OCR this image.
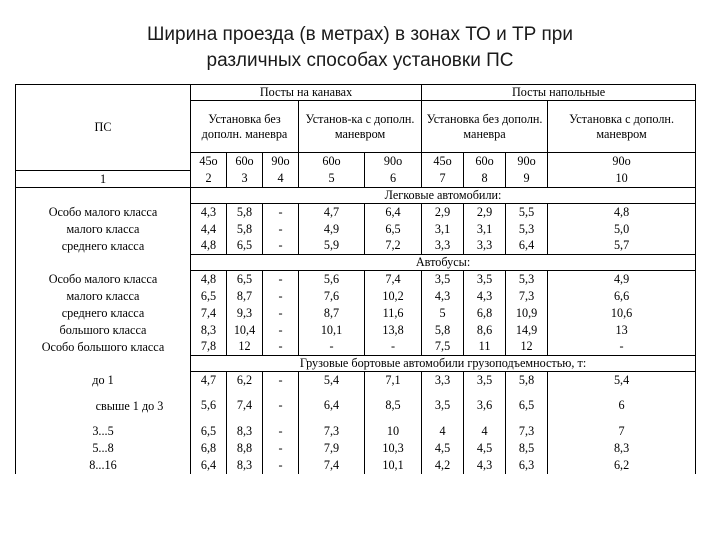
Ширина проезда (в метрах) в зонах ТО и ТР при
различных способах установки ПС
ПС	Посты на канавах					Посты напольные			
	Установка без дополн. маневра			Установ-ка с дополн. маневром		Установка без дополн. маневра			Установка с дополн. маневром
	45о	60о	90о	60о	90о	45о	60о	90о	90о
1	2	3	4	5	6	7	8	9	10
	Легковые автомобили:								
Особо малого класса	4,3	5,8	-	4,7	6,4	2,9	2,9	5,5	4,8
малого класса	4,4	5,8	-	4,9	6,5	3,1	3,1	5,3	5,0
среднего класса	4,8	6,5	-	5,9	7,2	3,3	3,3	6,4	5,7
	Автобусы:								
Особо малого класса	4,8	6,5	-	5,6	7,4	3,5	3,5	5,3	4,9
малого класса	6,5	8,7	-	7,6	10,2	4,3	4,3	7,3	6,6
среднего класса	7,4	9,3	-	8,7	11,6	5	6,8	10,9	10,6
большого класса	8,3	10,4	-	10,1	13,8	5,8	8,6	14,9	13
Особо большого класса	7,8	12	-	-	-	7,5	11	12	-
	Грузовые бортовые автомобили грузоподъемностью, т:								
до 1	4,7	6,2	-	5,4	7,1	3,3	3,5	5,8	5,4
свыше 1 до 3	5,6	7,4	-	6,4	8,5	3,5	3,6	6,5	6
3...5	6,5	8,3	-	7,3	10	4	4	7,3	7
5...8	6,8	8,8	-	7,9	10,3	4,5	4,5	8,5	8,3
8...16	6,4	8,3	-	7,4	10,1	4,2	4,3	6,3	6,2
